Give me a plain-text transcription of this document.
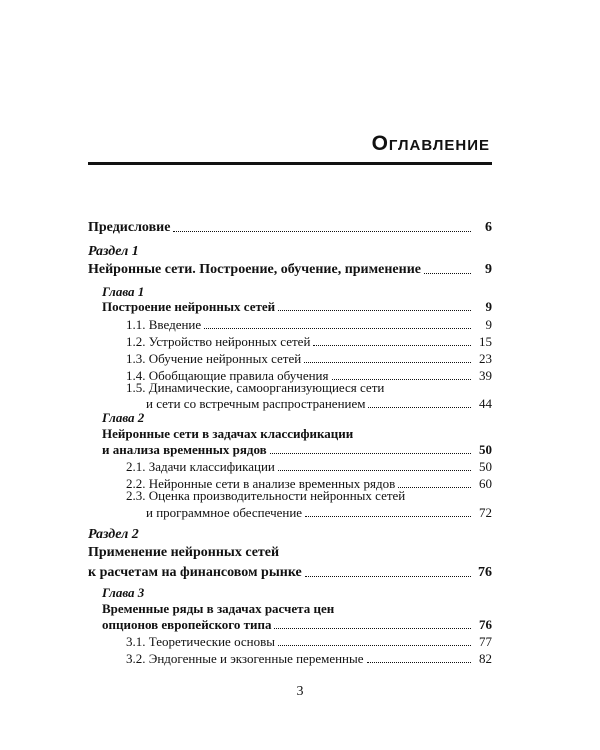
Оглавление
Предисловие	6
Раздел 1
Нейронные сети. Построение, обучение, применение	9
Глава 1
Построение нейронных сетей	9
1.1. Введение	9
1.2. Устройство нейронных сетей	15
1.3. Обучение нейронных сетей	23
1.4. Обобщающие правила обучения	39
1.5. Динамические, самоорганизующиеся сети
и сети со встречным распространением	44
Глава 2
Нейронные сети в задачах классификации
и анализа временных рядов	50
2.1. Задачи классификации	50
2.2. Нейронные сети в анализе временных рядов	60
2.3. Оценка производительности нейронных сетей
и программное обеспечение	72
Раздел 2
Применение нейронных сетей
к расчетам на финансовом рынке	76
Глава 3
Временные ряды в задачах расчета цен
опционов европейского типа	76
3.1. Теоретические основы	77
3.2. Эндогенные и экзогенные переменные	82
3
